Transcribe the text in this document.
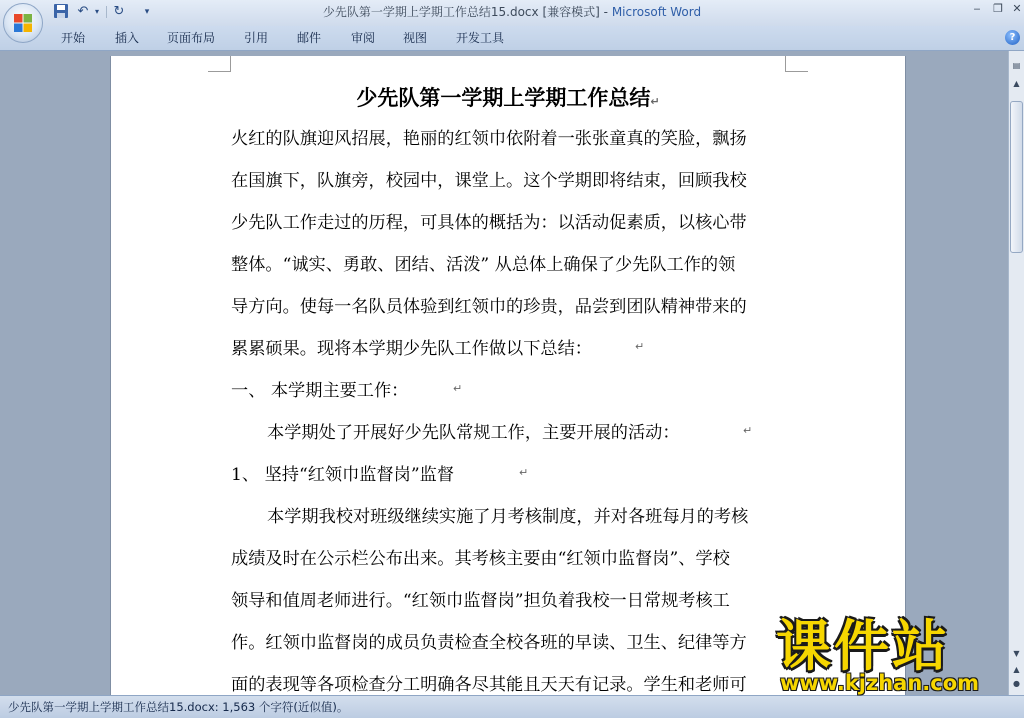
少先队第一学期上学期工作总结15.docx [兼容模式] - Microsoft Word
↶ ▾	↻	▾	‒	❐ ✕
开始 插入 页面布局 引用 邮件 审阅 视图 开发工具	?
少先队第一学期上学期工作总结↵
火红的队旗迎风招展，艳丽的红领巾依附着一张张童真的笑脸，飘扬
在国旗下，队旗旁，校园中，课堂上。这个学期即将结束，回顾我校
少先队工作走过的历程，可具体的概括为：以活动促素质，以核心带
整体。“诚实、勇敢、团结、活泼” 从总体上确保了少先队工作的领
导方向。使每一名队员体验到红领巾的珍贵，品尝到团队精神带来的
累累硕果。现将本学期少先队工作做以下总结：	↵
一、 本学期主要工作：	↵
本学期处了开展好少先队常规工作，主要开展的活动：	↵
1、 坚持“红领巾监督岗”监督	↵
本学期我校对班级继续实施了月考核制度，并对各班每月的考核
成绩及时在公示栏公布出来。其考核主要由“红领巾监督岗”、学校
领导和值周老师进行。“红领巾监督岗”担负着我校一日常规考核工
作。红领巾监督岗的成员负责检查全校各班的早读、卫生、纪律等方
面的表现等各项检查分工明确各尽其能且天天有记录。学生和老师可
▤
▲
▼
▲
●
少先队第一学期上学期工作总结15.docx: 1,563 个字符(近似值)。
课件站
www.kjzhan.com
